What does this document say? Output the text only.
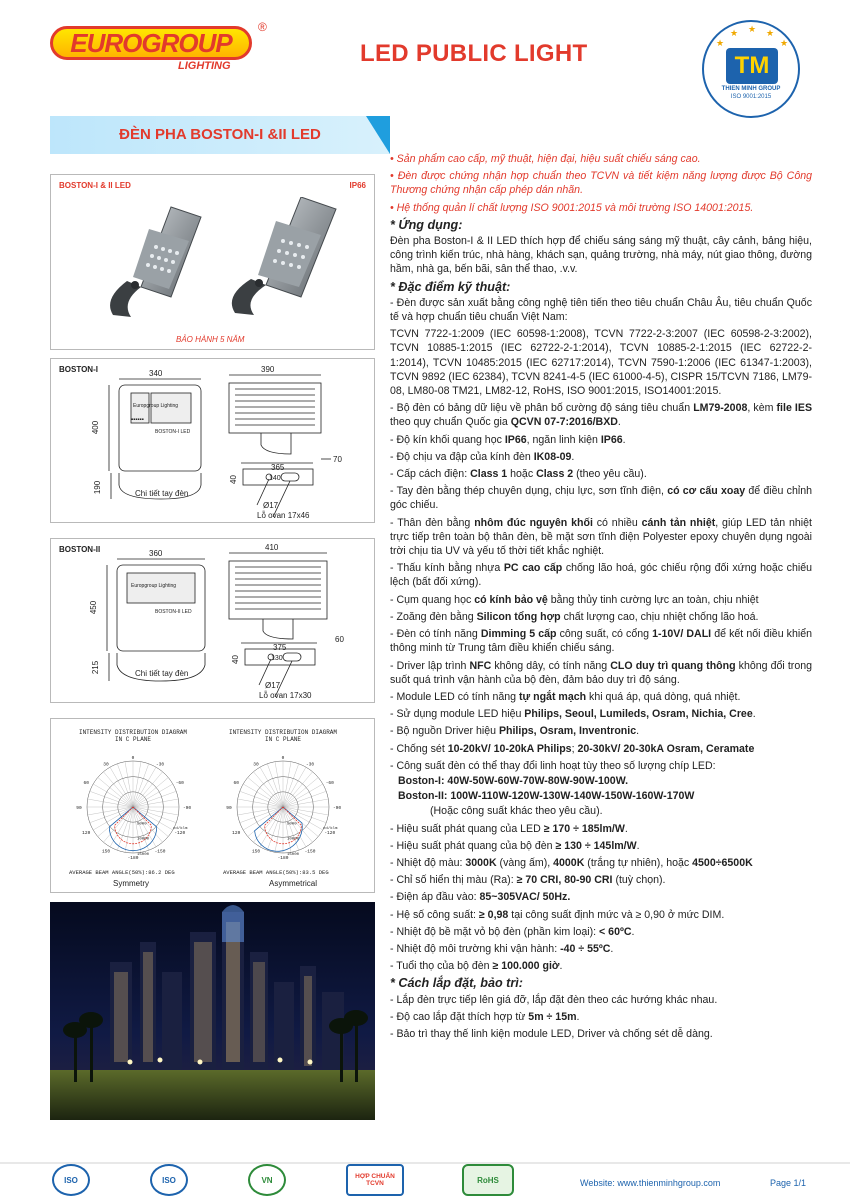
EUROGROUP
®
LIGHTING	LED PUBLIC LIGHT	★
★ ★ ★
★
TM
THIEN MINH GROUP
ISO 9001:2015
ĐÈN PHA BOSTON-I &II LED
BOSTON-I & II LED	IP66
BẢO HÀNH 5 NĂM
BOSTON-I
▪▪▪▪▪▪
340	390
400
70
365
140
190
40
Europgroup Lighting
BOSTON-I LED
Chi tiết tay đèn
Ø17
Lỗ ovan 17x46
BOSTON-II	360
410
450
60
375
130
215
40
Europgroup Lighting
BOSTON-II LED
Chi tiết tay đèn
Ø17
Lỗ ovan 17x30
-180
-150
150
-120
120
-90
90
-60
60
-30
30
0
5000
10000
15000
cd/klm
-180
-150
150
-120
120
-90
90
-60
60
-30
30
0
5000
10000
15000
cd/klm
INTENSITY DISTRIBUTION DIAGRAM
IN C PLANE
INTENSITY DISTRIBUTION DIAGRAM
IN C PLANE
AVERAGE BEAM ANGLE(50%):86.2 DEG	AVERAGE BEAM ANGLE(50%):83.5 DEG
Symmetry	Asymmetrical

• Sản phẩm cao cấp, mỹ thuật, hiện đại, hiệu suất chiếu sáng cao.

• Đèn được chứng nhận hợp chuẩn theo TCVN và tiết kiệm năng lượng được Bộ Công Thương chứng nhận cấp phép dán nhãn.

• Hệ thống quản lí chất lượng ISO 9001:2015 và môi trường ISO 14001:2015.

* Ứng dụng:

Đèn pha Boston-I & II LED thích hợp để chiếu sáng sáng mỹ thuật, cây cảnh, bảng hiệu, công trình kiến trúc, nhà hàng, khách sạn, quảng trường, nhà máy, nút giao thông, đường hầm, nhà ga, bến bãi, sân thể thao, .v.v.

* Đặc điểm kỹ thuật:

- Đèn được sản xuất bằng công nghệ tiên tiến theo tiêu chuẩn Châu Âu, tiêu chuẩn Quốc tế và hợp chuẩn tiêu chuẩn Việt Nam:

TCVN 7722-1:2009 (IEC 60598-1:2008), TCVN 7722-2-3:2007 (IEC 60598-2-3:2002), TCVN 10885-1:2015 (IEC 62722-2-1:2014), TCVN 10885-2-1:2015 (IEC 62722-2-1:2014), TCVN 10485:2015 (IEC 62717:2014), TCVN 7590-1:2006 (IEC 61347-1:2003), TCVN 9892 (IEC 62384), TCVN 8241-4-5 (IEC 61000-4-5), CISPR 15/TCVN 7186, LM79-08, LM80-08 TM21, LM82-12, RoHS, ISO 9001:2015, ISO14001:2015.

- Bộ đèn có bảng dữ liệu về phân bố cường độ sáng tiêu chuẩn LM79-2008, kèm file IES theo quy chuẩn Quốc gia QCVN 07-7:2016/BXD.

- Độ kín khối quang học IP66, ngăn linh kiện IP66.

- Độ chịu va đập của kính đèn IK08-09.

- Cấp cách điện: Class 1 hoặc Class 2 (theo yêu cầu).

- Tay đèn bằng thép chuyên dụng, chịu lực, sơn tĩnh điện, có cơ cấu xoay để điều chỉnh góc chiếu.

- Thân đèn bằng nhôm đúc nguyên khối có nhiều cánh tản nhiệt, giúp LED tản nhiệt trực tiếp trên toàn bộ thân đèn, bề mặt sơn tĩnh điện Polyester epoxy chuyên dụng ngoài trời chịu tia UV và yếu tố thời tiết khắc nghiệt.

- Thấu kính bằng nhựa PC cao cấp chống lão hoá, góc chiếu rộng đối xứng hoặc chiếu lệch (bất đối xứng).

- Cụm quang học có kính bảo vệ bằng thủy tinh cường lực an toàn, chịu nhiệt

- Zoăng đèn bằng Silicon tổng hợp chất lượng cao, chịu nhiệt chống lão hoá.

- Đèn có tính năng Dimming 5 cấp công suất, có cổng 1-10V/ DALI để kết nối điều khiển thông minh từ Trung tâm điều khiển chiếu sáng.

- Driver lập trình NFC không dây, có tính năng CLO duy trì quang thông không đổi trong suốt quá trình vận hành của bộ đèn, đảm bảo duy trì độ sáng.

- Module LED có tính năng tự ngắt mạch khi quá áp, quá dòng, quá nhiệt.

- Sử dụng module LED hiệu Philips, Seoul, Lumileds, Osram, Nichia, Cree.

- Bộ nguồn Driver hiệu Philips, Osram, Inventronic.

- Chống sét 10-20kV/ 10-20kA Philips; 20-30kV/ 20-30kA Osram, Ceramate

- Công suất đèn có thể thay đổi linh hoạt tùy theo số lượng chíp LED:

Boston-I: 40W-50W-60W-70W-80W-90W-100W.

Boston-II: 100W-110W-120W-130W-140W-150W-160W-170W

(Hoặc công suất khác theo yêu cầu).

- Hiệu suất phát quang của LED ≥ 170 ÷ 185lm/W.

- Hiệu suất phát quang của bộ đèn ≥ 130 ÷ 145lm/W.

- Nhiệt độ màu: 3000K (vàng ấm), 4000K (trắng tự nhiên), hoặc 4500÷6500K

- Chỉ số hiển thị màu (Ra): ≥ 70 CRI, 80-90 CRI (tuỳ chọn).

- Điện áp đầu vào: 85~305VAC/ 50Hz.

- Hệ số công suất: ≥ 0,98 tại công suất định mức và ≥ 0,90 ở mức DIM.

- Nhiệt độ bề mặt vỏ bộ đèn (phần kim loại): < 60ºC.

- Nhiệt độ môi trường khi vận hành: -40 ÷ 55ºC.

- Tuổi thọ của bộ đèn ≥ 100.000 giờ.

* Cách lắp đặt, bảo trì:

- Lắp đèn trực tiếp lên giá đỡ, lắp đặt đèn theo các hướng khác nhau.

- Độ cao lắp đặt thích hợp từ 5m ÷ 15m.

- Bảo trì thay thế linh kiện module LED, Driver và chống sét dễ dàng.

ISO	ISO	VN	HỢP CHUẨN TCVN	RoHS	Website: www.thienminhgroup.com	Page 1/1
